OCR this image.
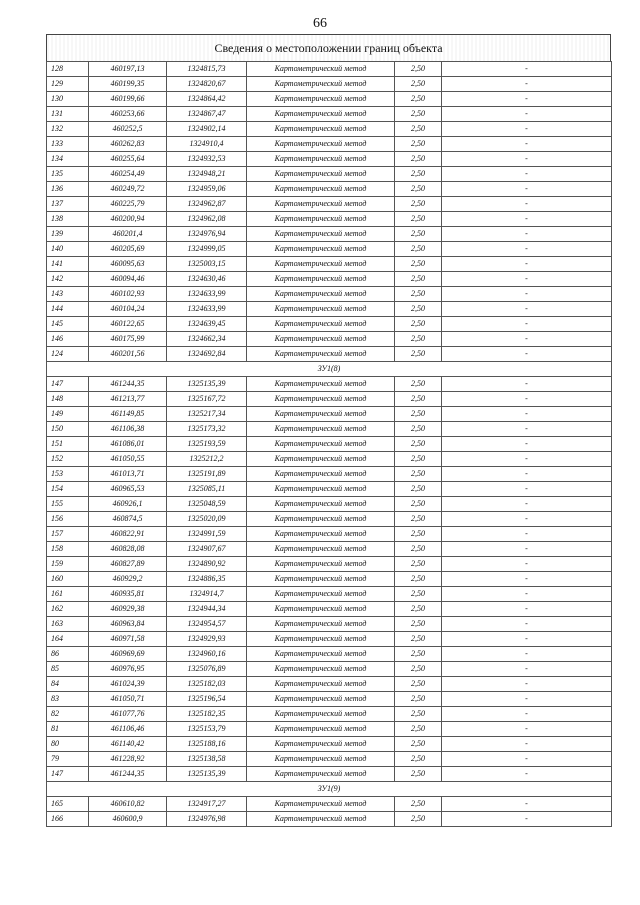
66
Сведения о местоположении границ объекта
128	460197,13	1324815,73	Картометрический метод	2,50	-
129	460199,35	1324820,67	Картометрический метод	2,50	-
130	460199,66	1324864,42	Картометрический метод	2,50	-
131	460253,66	1324867,47	Картометрический метод	2,50	-
132	460252,5	1324902,14	Картометрический метод	2,50	-
133	460262,83	1324910,4	Картометрический метод	2,50	-
134	460255,64	1324932,53	Картометрический метод	2,50	-
135	460254,49	1324948,21	Картометрический метод	2,50	-
136	460249,72	1324959,06	Картометрический метод	2,50	-
137	460225,79	1324962,87	Картометрический метод	2,50	-
138	460200,94	1324962,08	Картометрический метод	2,50	-
139	460201,4	1324976,94	Картометрический метод	2,50	-
140	460205,69	1324999,05	Картометрический метод	2,50	-
141	460095,63	1325003,15	Картометрический метод	2,50	-
142	460094,46	1324630,46	Картометрический метод	2,50	-
143	460102,93	1324633,99	Картометрический метод	2,50	-
144	460104,24	1324633,99	Картометрический метод	2,50	-
145	460122,65	1324639,45	Картометрический метод	2,50	-
146	460175,99	1324662,34	Картометрический метод	2,50	-
124	460201,56	1324692,84	Картометрический метод	2,50	-
ЗУ1(8)					
147	461244,35	1325135,39	Картометрический метод	2,50	-
148	461213,77	1325167,72	Картометрический метод	2,50	-
149	461149,85	1325217,34	Картометрический метод	2,50	-
150	461106,38	1325173,32	Картометрический метод	2,50	-
151	461086,01	1325193,59	Картометрический метод	2,50	-
152	461050,55	1325212,2	Картометрический метод	2,50	-
153	461013,71	1325191,89	Картометрический метод	2,50	-
154	460965,53	1325085,11	Картометрический метод	2,50	-
155	460926,1	1325048,59	Картометрический метод	2,50	-
156	460874,5	1325020,09	Картометрический метод	2,50	-
157	460822,91	1324991,59	Картометрический метод	2,50	-
158	460828,08	1324907,67	Картометрический метод	2,50	-
159	460827,89	1324890,92	Картометрический метод	2,50	-
160	460929,2	1324886,35	Картометрический метод	2,50	-
161	460935,81	1324914,7	Картометрический метод	2,50	-
162	460929,38	1324944,34	Картометрический метод	2,50	-
163	460963,84	1324954,57	Картометрический метод	2,50	-
164	460971,58	1324929,93	Картометрический метод	2,50	-
86	460969,69	1324960,16	Картометрический метод	2,50	-
85	460976,95	1325076,89	Картометрический метод	2,50	-
84	461024,39	1325182,03	Картометрический метод	2,50	-
83	461050,71	1325196,54	Картометрический метод	2,50	-
82	461077,76	1325182,35	Картометрический метод	2,50	-
81	461106,46	1325153,79	Картометрический метод	2,50	-
80	461140,42	1325188,16	Картометрический метод	2,50	-
79	461228,92	1325138,58	Картометрический метод	2,50	-
147	461244,35	1325135,39	Картометрический метод	2,50	-
ЗУ1(9)					
165	460610,82	1324917,27	Картометрический метод	2,50	-
166	460600,9	1324976,98	Картометрический метод	2,50	-
